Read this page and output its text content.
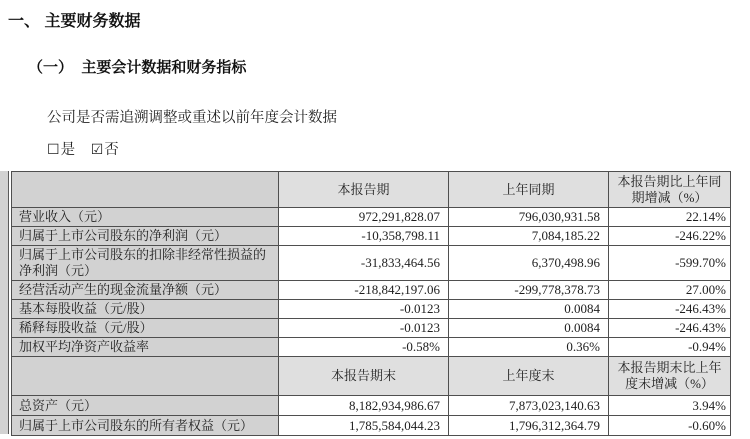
一、 主要财务数据
（一）  主要会计数据和财务指标
公司是否需追溯调整或重述以前年度会计数据
☐是 ☑否
	本报告期	上年同期	本报告期比上年同期增减（%）
营业收入（元）	972,291,828.07	796,030,931.58	22.14%
归属于上市公司股东的净利润（元）	-10,358,798.11	7,084,185.22	-246.22%
归属于上市公司股东的扣除非经常性损益的净利润（元）	-31,833,464.56	6,370,498.96	-599.70%
经营活动产生的现金流量净额（元）	-218,842,197.06	-299,778,378.73	27.00%
基本每股收益（元/股）	-0.0123	0.0084	-246.43%
稀释每股收益（元/股）	-0.0123	0.0084	-246.43%
加权平均净资产收益率	-0.58%	0.36%	-0.94%
	本报告期末	上年度末	本报告期末比上年度末增减（%）
总资产（元）	8,182,934,986.67	7,873,023,140.63	3.94%
归属于上市公司股东的所有者权益（元）	1,785,584,044.23	1,796,312,364.79	-0.60%
